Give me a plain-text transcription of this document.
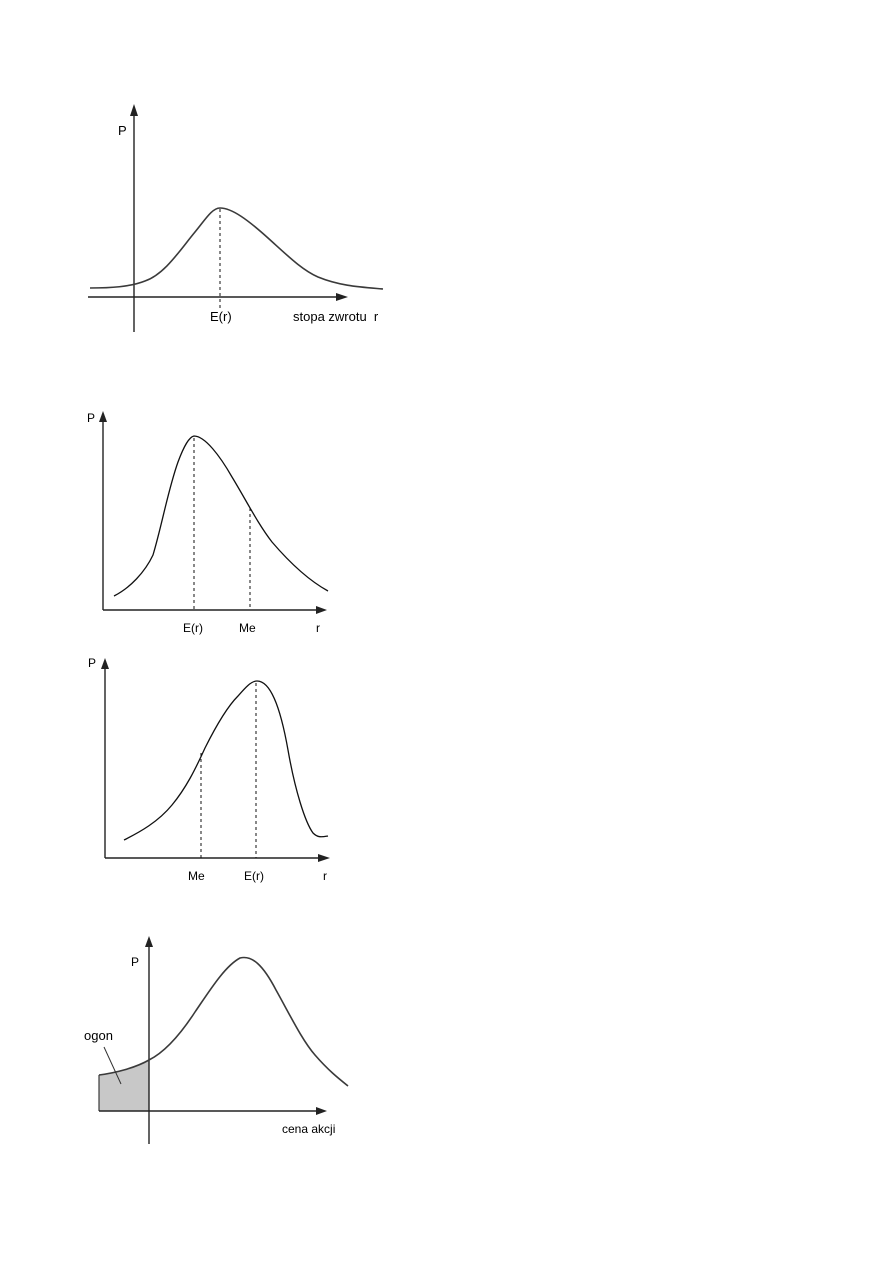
P
E(r)	stopa zwrotu  r
P
E(r)	Me	r
P
Me	E(r)	r
P
ogon
cena akcji
